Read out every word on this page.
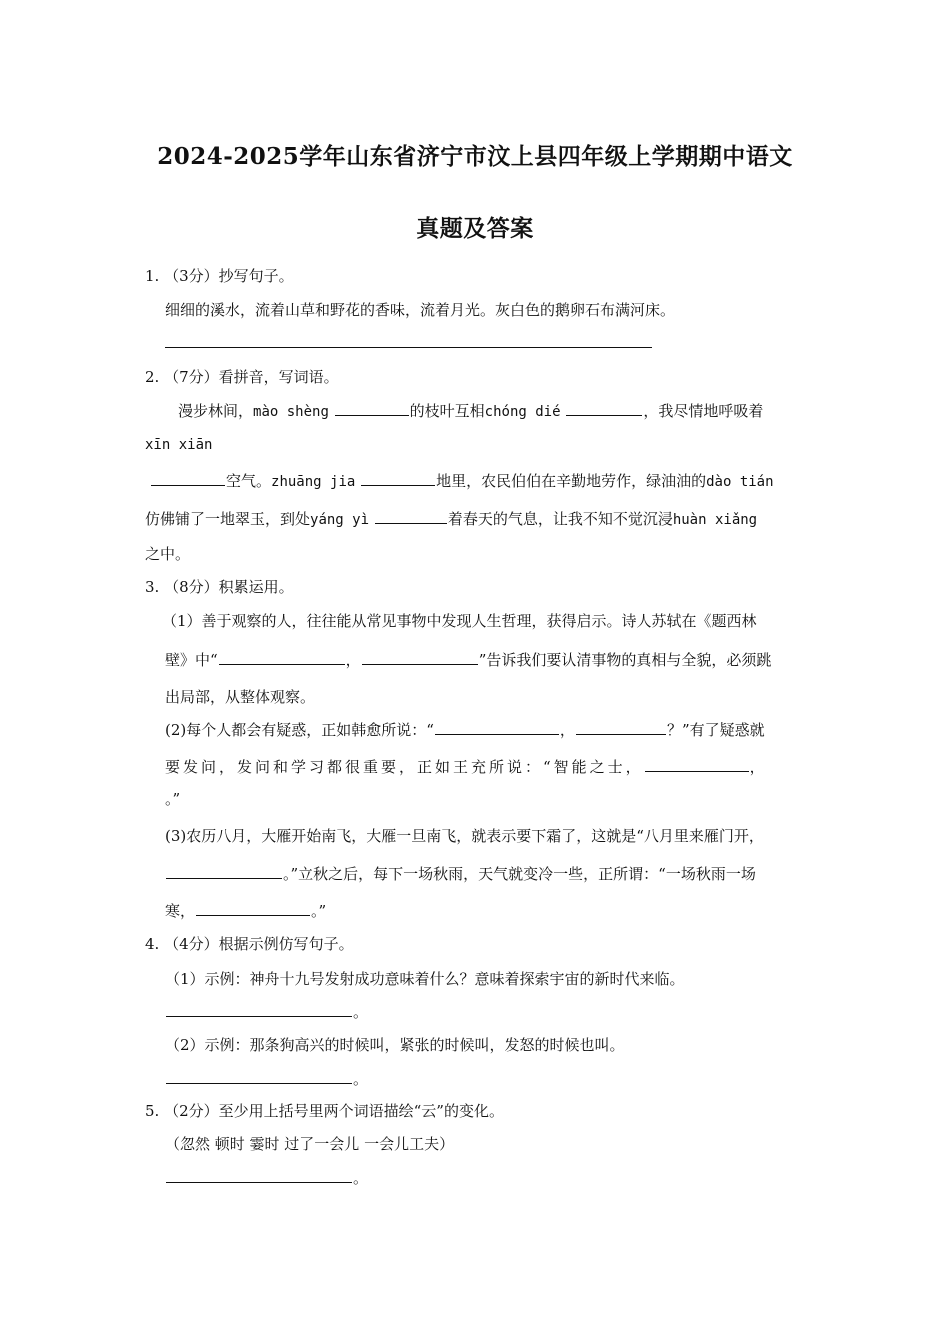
2024-2025学年山东省济宁市汶上县四年级上学期期中语文
真题及答案
1. （3分）抄写句子。
细细的溪水，流着山草和野花的香味，流着月光。灰白色的鹅卵石布满河床。
2. （7分）看拼音，写词语。
漫步林间，mào shèng	的枝叶互相chóng dié	，我尽情地呼吸着
xīn xiān
空气。zhuāng jia	地里，农民伯伯在辛勤地劳作，绿油油的dào tián
仿佛铺了一地翠玉，到处yáng yì	着春天的气息，让我不知不觉沉浸huàn xiǎng
之中。
3. （8分）积累运用。
（1）善于观察的人，往往能从常见事物中发现人生哲理，获得启示。诗人苏轼在《题西林
壁》中“	，	”告诉我们要认清事物的真相与全貌，必须跳
出局部，从整体观察。
(2)每个人都会有疑惑，正如韩愈所说：“	，	？”有了疑惑就
要发问，发问和学习都很重要，正如王充所说：“智能之士，	，
。”
(3)农历八月，大雁开始南飞，大雁一旦南飞，就表示要下霜了，这就是“八月里来雁门开，
。”立秋之后，每下一场秋雨，天气就变冷一些，正所谓：“一场秋雨一场
寒，	。”
4. （4分）根据示例仿写句子。
（1）示例：神舟十九号发射成功意味着什么？意味着探索宇宙的新时代来临。
。
（2）示例：那条狗高兴的时候叫，紧张的时候叫，发怒的时候也叫。
。
5. （2分）至少用上括号里两个词语描绘“云”的变化。
（忽然 顿时 霎时 过了一会儿 一会儿工夫）
。
